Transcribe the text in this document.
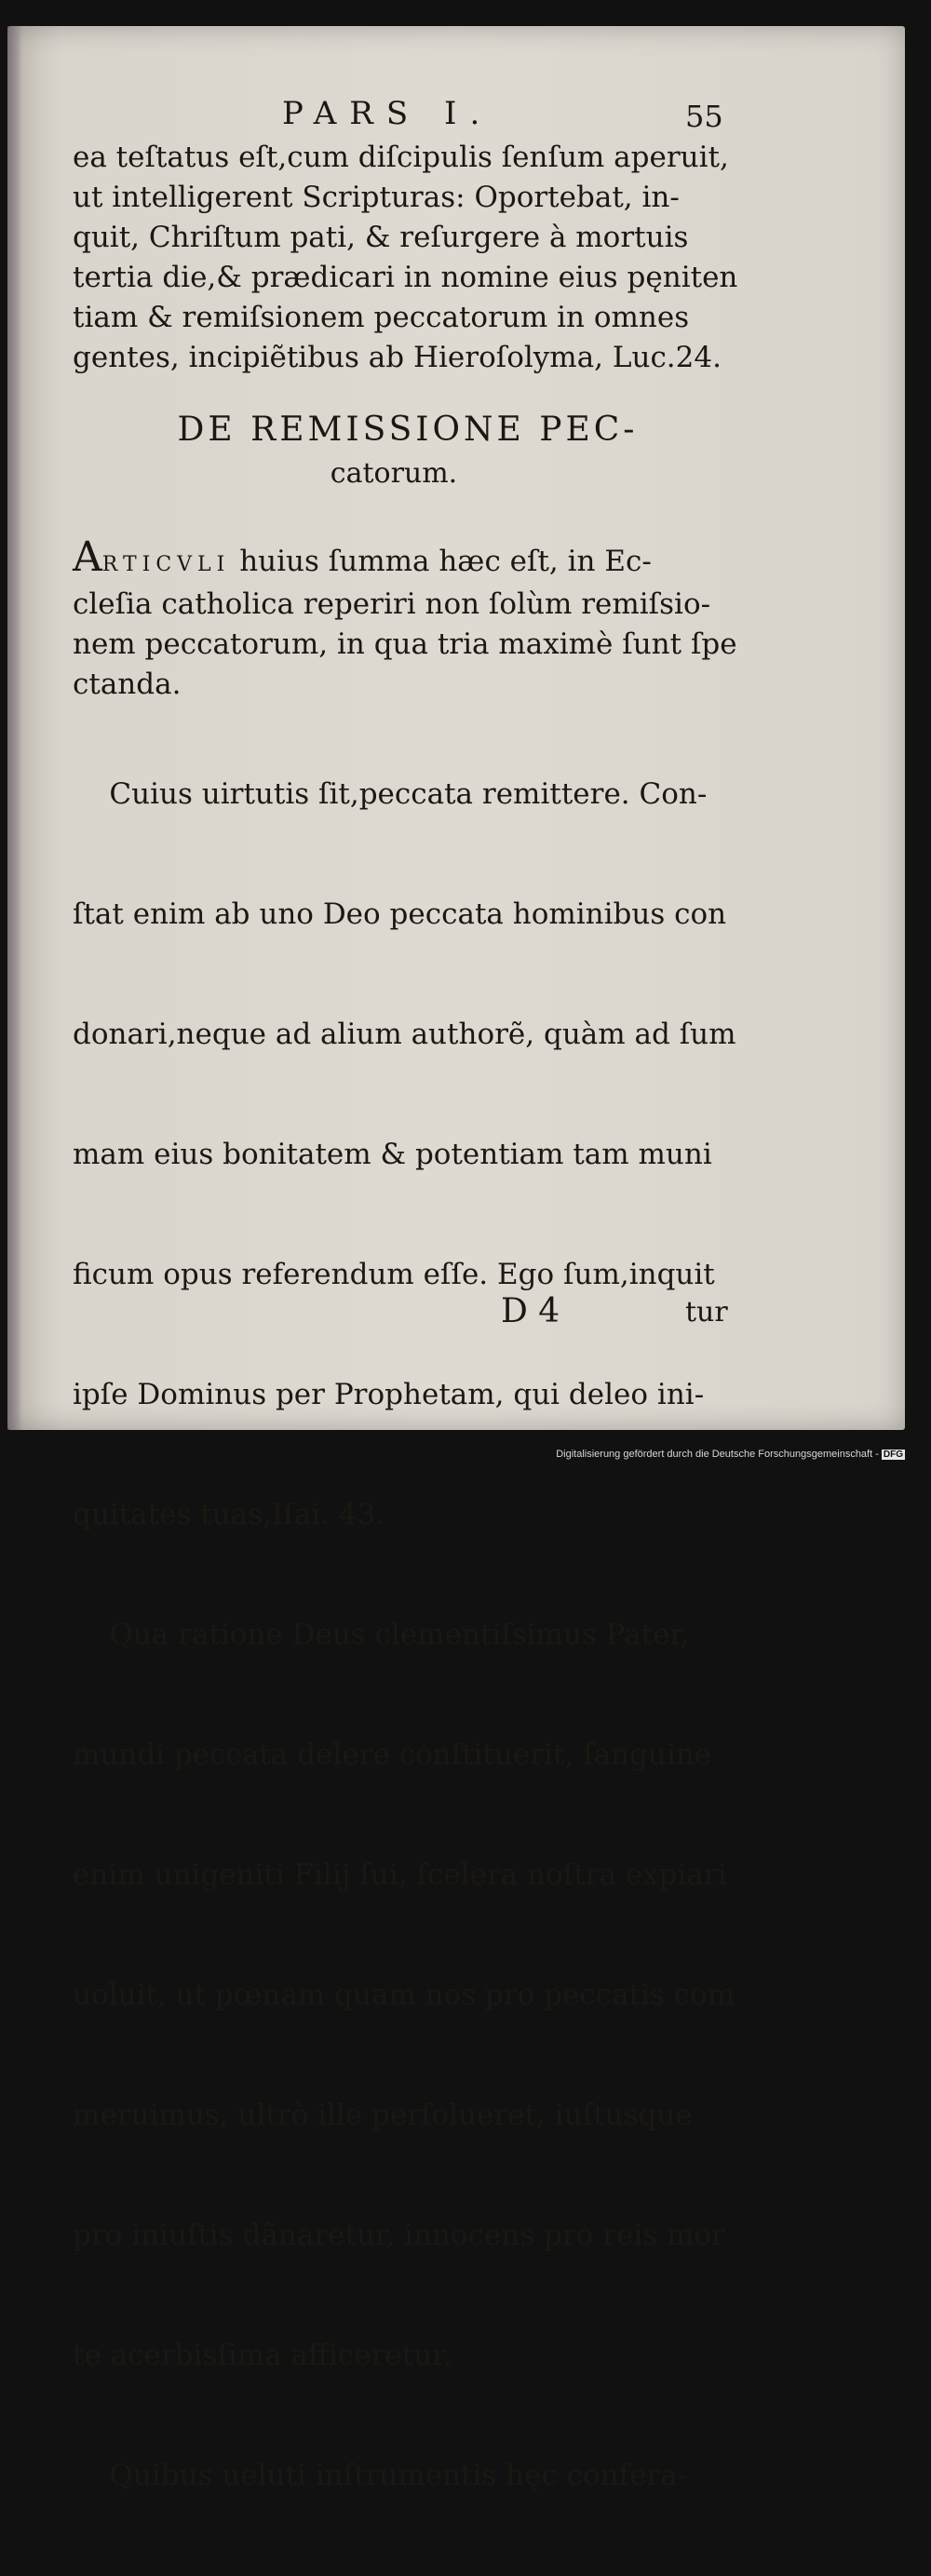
PARS I.	55
ea teſtatus eſt,cum diſcipulis ſenſum aperuit,
ut intelligerent Scripturas: Oportebat, in-
quit, Chriſtum pati, & reſurgere à mortuis
tertia die,& prædicari in nomine eius pęniten
tiam & remiſsionem peccatorum in omnes
gentes, incipiẽtibus ab Hieroſolyma, Luc.24.
DE REMISSIONE PEC-
catorum.
ARTICVLI huius ſumma hæc eſt, in Ec-
cleſia catholica reperiri non ſolùm remiſsio-
nem peccatorum, in qua tria maximè ſunt ſpe
ctanda.

Cuius uirtutis ſit,peccata remittere. Con-

ſtat enim ab uno Deo peccata hominibus con

donari,neque ad alium authorẽ, quàm ad ſum

mam eius bonitatem & potentiam tam muni

ficum opus referendum eſſe. Ego ſum,inquit

ipſe Dominus per Prophetam, qui deleo ini-

quitates tuas,Iſai. 43.

Qua ratione Deus clementiſsimus Pater,

mundi peccata delere conſtituerit, ſanguine

enim unigeniti Filij ſui, ſcelera noſtra expiari

uoluit, ut pœnam quam nos pro peccatis com

meruimus, ultrò ille perſolueret, iuſtusque

pro iniuſtis dãnaretur, innocens pro reis mor

te acerbisſima afficeretur.

Quibus ueluti inſtrumentis hęc confera-

D 4	tur
Digitalisierung gefördert durch die Deutsche Forschungsgemeinschaft - DFG
